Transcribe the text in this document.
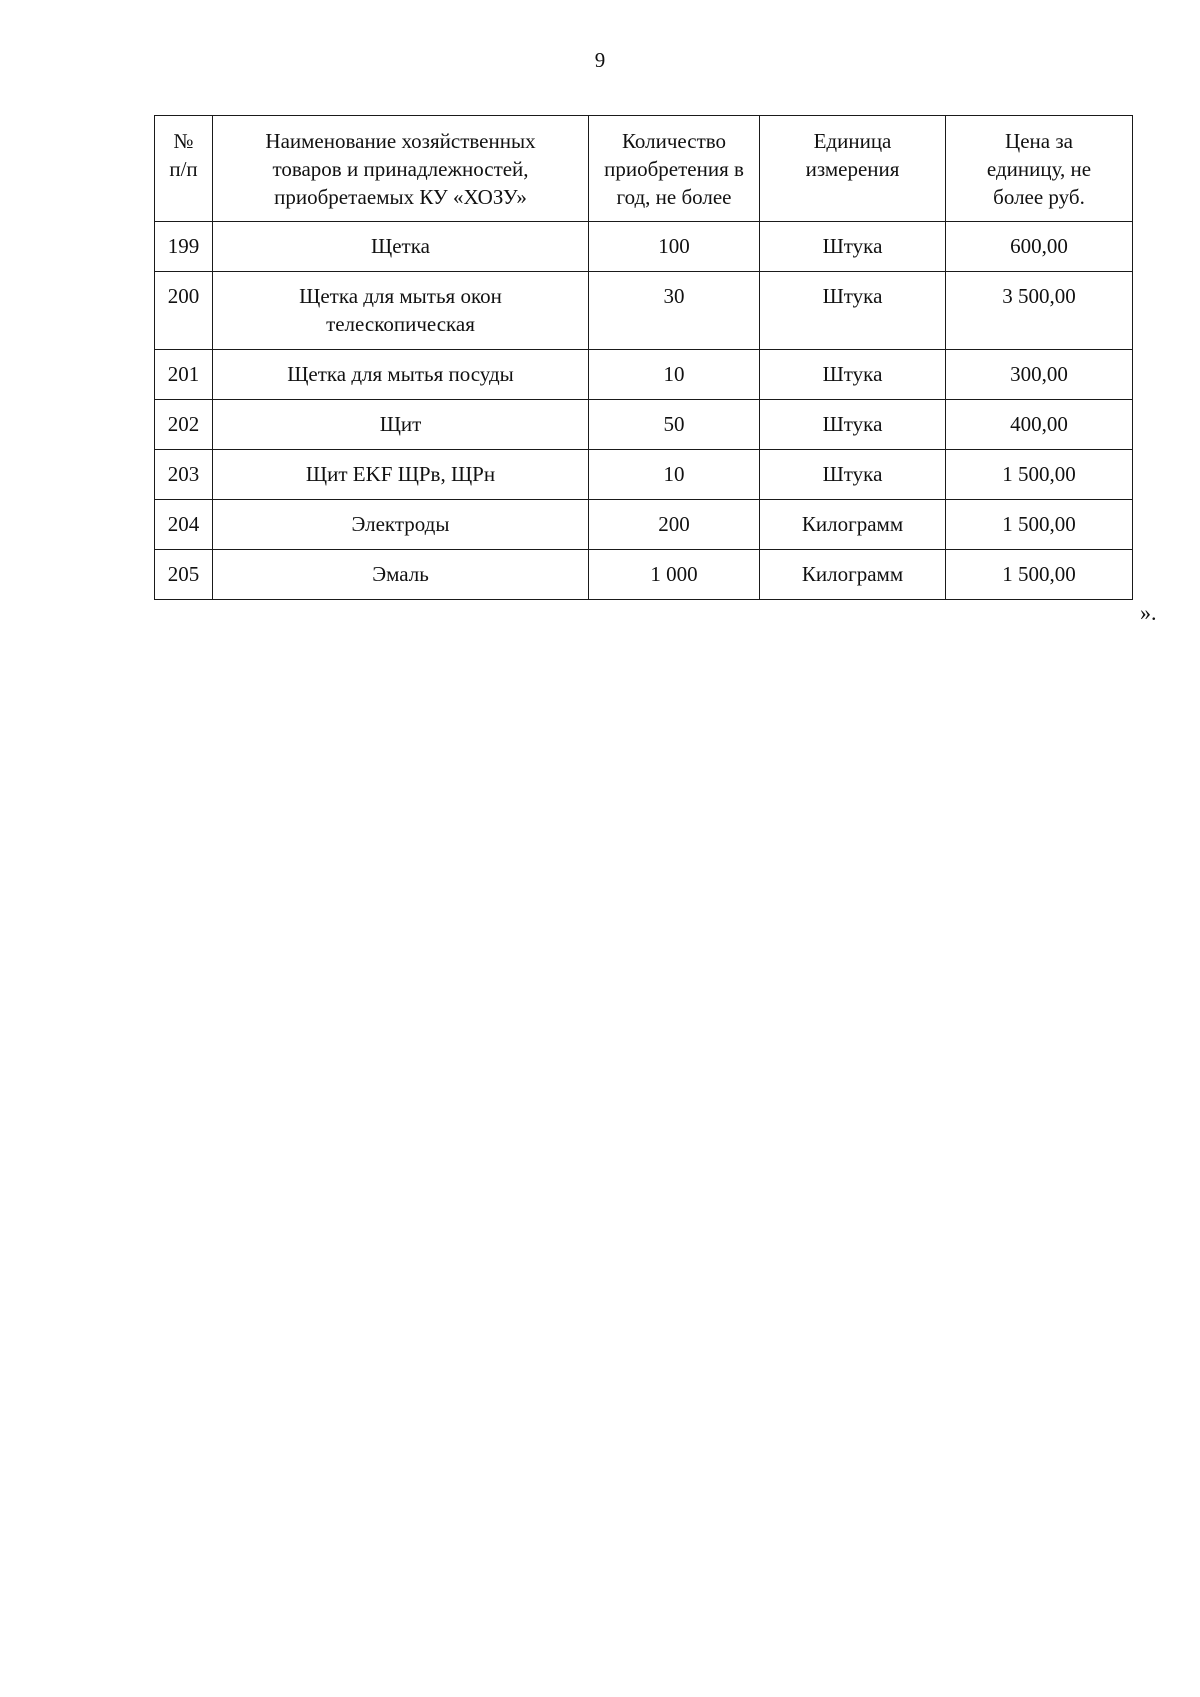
9
№ п/п	Наименование хозяйственных товаров и принадлежностей, приобретаемых КУ «ХОЗУ»	Количество приобретения в год, не более	Единица измерения	Цена за единицу, не более руб.
199	Щетка	100	Штука	600,00
200	Щетка для мытья окон телескопическая	30	Штука	3 500,00
201	Щетка для мытья посуды	10	Штука	300,00
202	Щит	50	Штука	400,00
203	Щит EKF ЩРв, ЩРн	10	Штука	1 500,00
204	Электроды	200	Килограмм	1 500,00
205	Эмаль	1 000	Килограмм	1 500,00
».
